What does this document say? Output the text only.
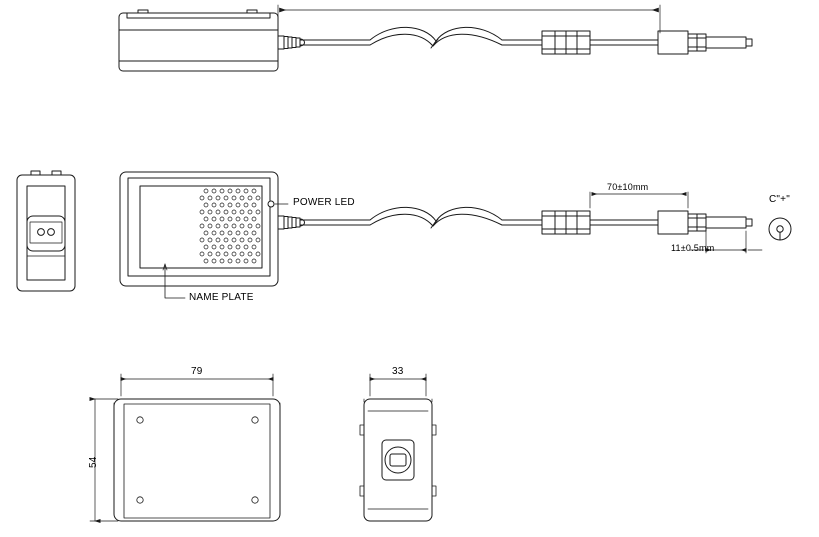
POWER LED
NAME PLATE
70±10mm
11±0.5mm
C"+"
79
54
33
